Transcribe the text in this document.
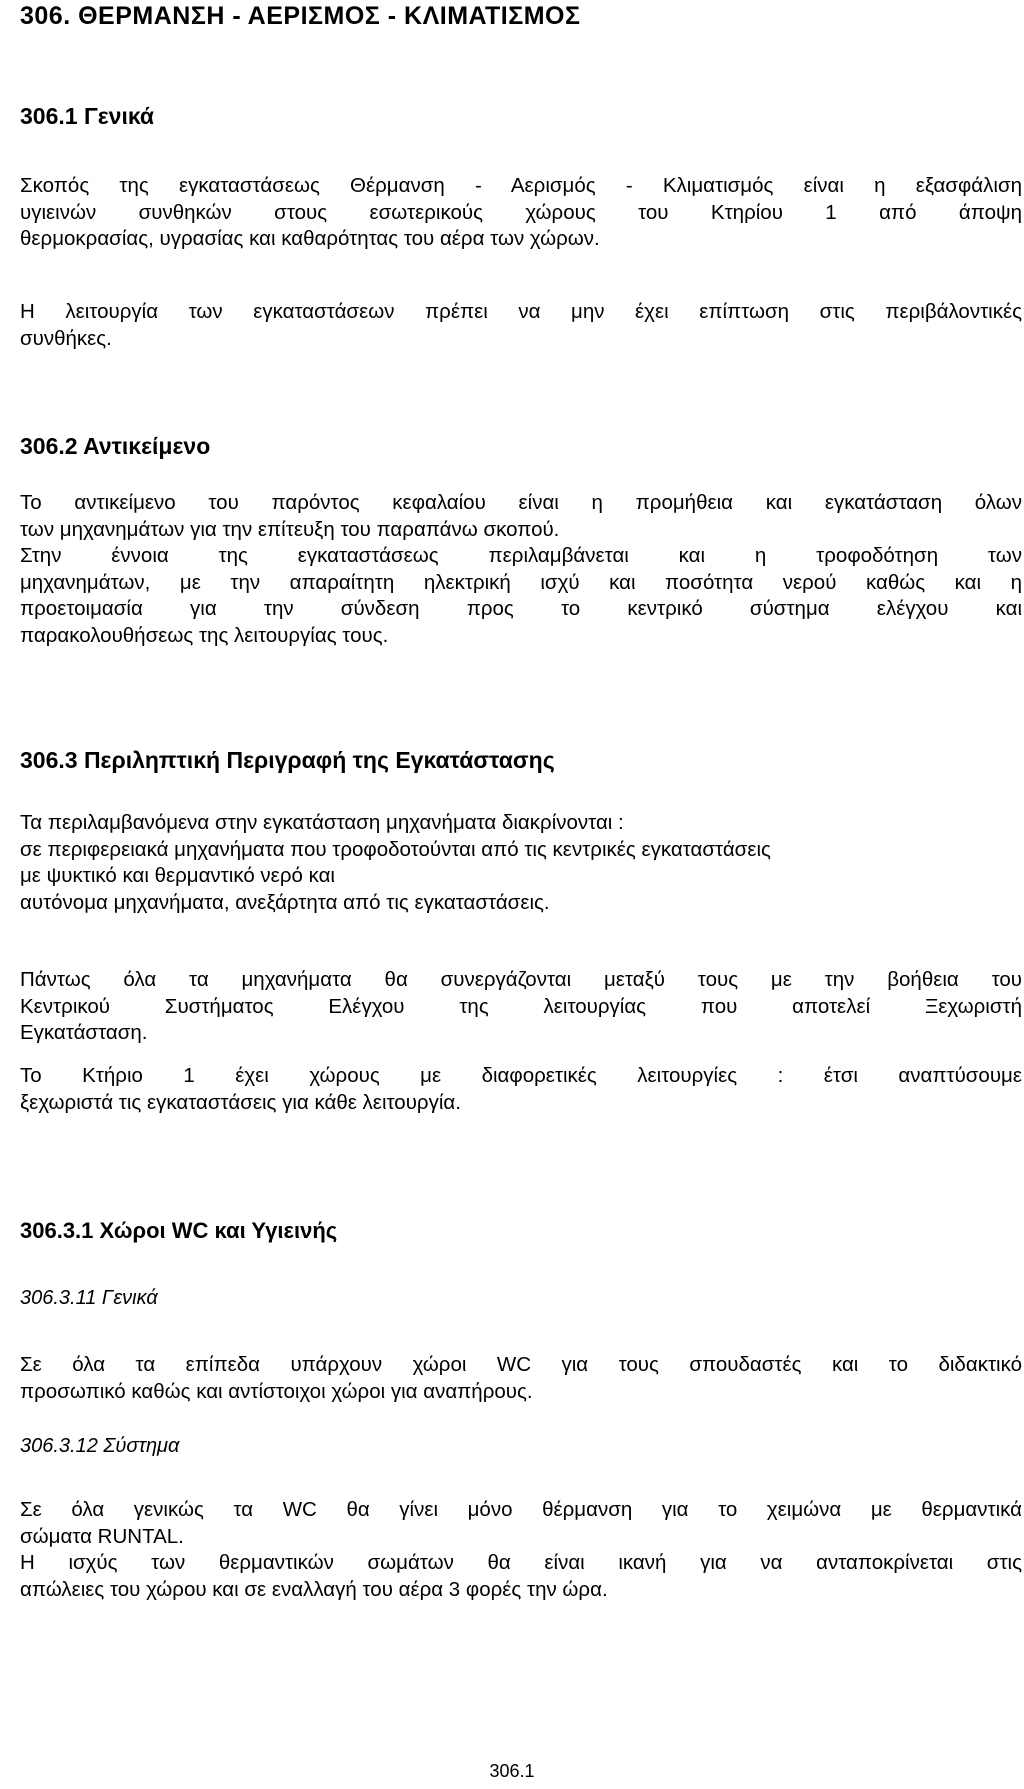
306. ΘΕΡΜΑΝΣΗ - ΑΕΡΙΣΜΟΣ - ΚΛΙΜΑΤΙΣΜΟΣ
306.1 Γενικά
Σκοπός της εγκαταστάσεως Θέρμανση - Αερισμός - Κλιματισμός είναι η εξασφάλιση
υγιεινών συνθηκών στους εσωτερικούς χώρους του Κτηρίου 1 από άποψη
θερμοκρασίας, υγρασίας και καθαρότητας του αέρα των χώρων.
Η λειτουργία των εγκαταστάσεων πρέπει να μην έχει επίπτωση στις περιβάλοντικές
συνθήκες.
306.2 Αντικείμενο
Το αντικείμενο του παρόντος κεφαλαίου είναι η προμήθεια και εγκατάσταση όλων
των μηχανημάτων για την επίτευξη του παραπάνω σκοπού.
Στην έννοια της εγκαταστάσεως περιλαμβάνεται και η τροφοδότηση των
μηχανημάτων, με την απαραίτητη ηλεκτρική ισχύ και ποσότητα νερού καθώς και η
προετοιμασία για την σύνδεση προς το κεντρικό σύστημα ελέγχου και
παρακολουθήσεως της λειτουργίας τους.
306.3 Περιληπτική Περιγραφή της Εγκατάστασης
Τα περιλαμβανόμενα στην εγκατάσταση μηχανήματα διακρίνονται :
σε περιφερειακά μηχανήματα που τροφοδοτούνται από τις κεντρικές εγκαταστάσεις
με ψυκτικό και θερμαντικό νερό και
αυτόνομα μηχανήματα, ανεξάρτητα από τις εγκαταστάσεις.
Πάντως όλα τα μηχανήματα θα συνεργάζονται μεταξύ τους με την βοήθεια του
Κεντρικού Συστήματος Ελέγχου της λειτουργίας που αποτελεί Ξεχωριστή
Εγκατάσταση.
Το Κτήριο 1 έχει χώρους με διαφορετικές λειτουργίες : έτσι αναπτύσουμε
ξεχωριστά τις εγκαταστάσεις για κάθε λειτουργία.
306.3.1 Χώροι WC και Υγιεινής
306.3.11 Γενικά
Σε όλα τα επίπεδα υπάρχουν χώροι WC για τους σπουδαστές και το διδακτικό
προσωπικό καθώς και αντίστοιχοι χώροι για αναπήρους.
306.3.12 Σύστημα
Σε όλα γενικώς τα WC θα γίνει μόνο θέρμανση για το χειμώνα με θερμαντικά
σώματα RUNTAL.
Η ισχύς των θερμαντικών σωμάτων θα είναι ικανή για να ανταποκρίνεται στις
απώλειες του χώρου και σε εναλλαγή του αέρα 3 φορές την ώρα.
306.1
